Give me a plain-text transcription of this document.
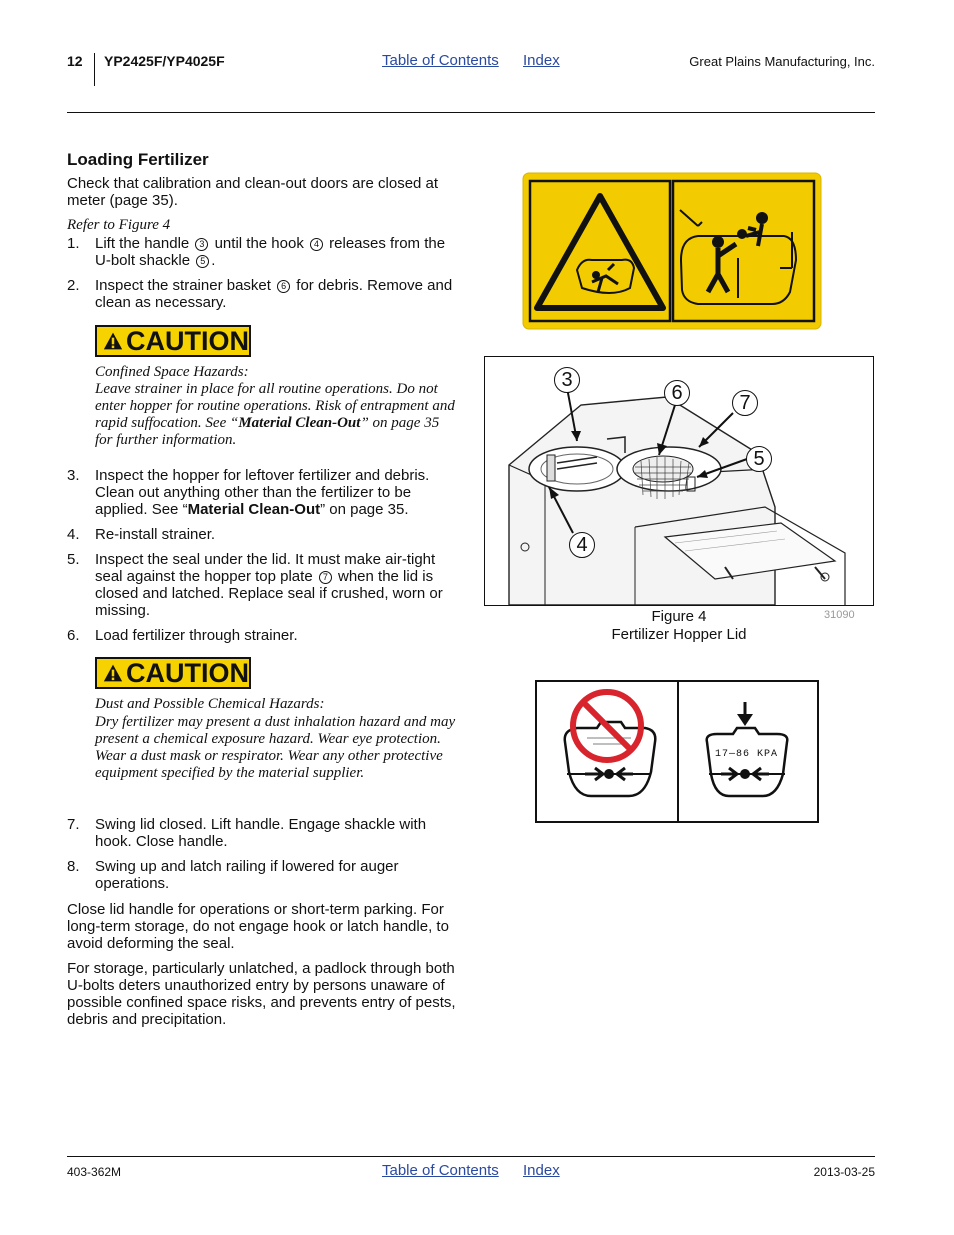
12 YP2425F/YP4025F	Table of Contents Index	Great Plains Manufacturing, Inc.
Loading Fertilizer
Check that calibration and clean-out doors are closed at meter (page 35).
Refer to Figure 4
1. Lift the handle 3 until the hook 4 releases from the U-bolt shackle 5 .
2. Inspect the strainer basket 6 for debris. Remove and clean as necessary.
CAUTION
Confined Space Hazards:
Leave strainer in place for all routine operations. Do not enter hopper for routine operations. Risk of entrapment and rapid suffocation. See “Material Clean-Out” on page 35 for further information.
3. Inspect the hopper for leftover fertilizer and debris. Clean out anything other than the fertilizer to be applied. See “Material Clean-Out” on page 35.
4. Re-install strainer.
5. Inspect the seal under the lid. It must make air-tight seal against the hopper top plate 7 when the lid is closed and latched. Replace seal if crushed, worn or missing.
6. Load fertilizer through strainer.
CAUTION
Dust and Possible Chemical Hazards:
Dry fertilizer may present a dust inhalation hazard and may present a chemical exposure hazard. Wear eye protection. Wear a dust mask or respirator. Wear any other protective equipment specified by the material supplier.
7. Swing lid closed. Lift handle. Engage shackle with hook. Close handle.
8. Swing up and latch railing if lowered for auger operations.
Close lid handle for operations or short-term parking. For long-term storage, do not engage hook or latch handle, to avoid deforming the seal.
For storage, particularly unlatched, a padlock through both U-bolts deters unauthorized entry by persons unaware of possible confined space risks, and prevents entry of pests, debris and precipitation.
3
6	7
5
4
31090
Figure 4
Fertilizer Hopper Lid
17—86 KPA
403-362M	Table of Contents Index	2013-03-25
